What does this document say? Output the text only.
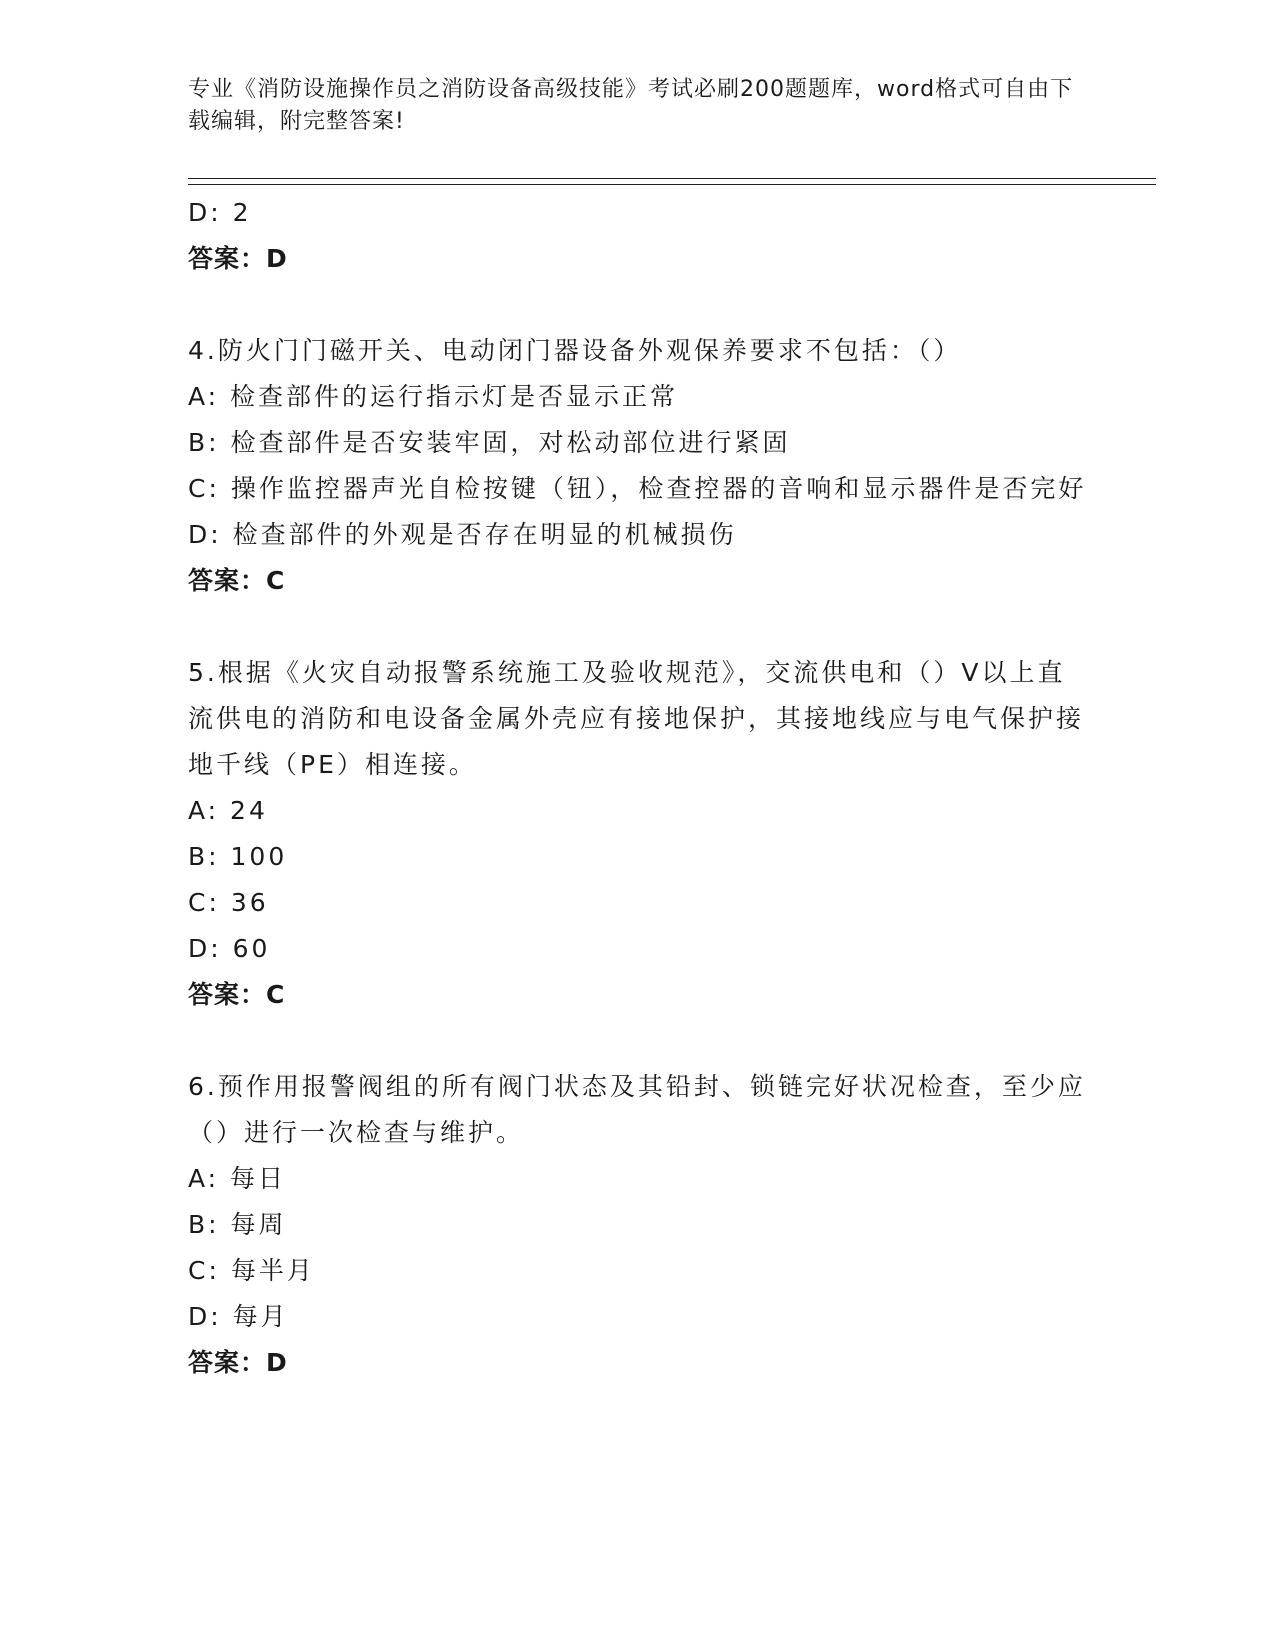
专业《消防设施操作员之消防设备高级技能》考试必刷200题题库，word格式可自由下载编辑，附完整答案!
D: 2
答案：D
4.防火门门磁开关、电动闭门器设备外观保养要求不包括：（）
A: 检查部件的运行指示灯是否显示正常
B: 检查部件是否安装牢固，对松动部位进行紧固
C: 操作监控器声光自检按键（钮），检查控器的音响和显示器件是否完好
D: 检查部件的外观是否存在明显的机械损伤
答案：C
5.根据《火灾自动报警系统施工及验收规范》，交流供电和（）V以上直流供电的消防和电设备金属外壳应有接地保护，其接地线应与电气保护接地千线（PE）相连接。
A: 24
B: 100
C: 36
D: 60
答案：C
6.预作用报警阀组的所有阀门状态及其铅封、锁链完好状况检查，至少应（）进行一次检查与维护。
A: 每日
B: 每周
C: 每半月
D: 每月
答案：D
